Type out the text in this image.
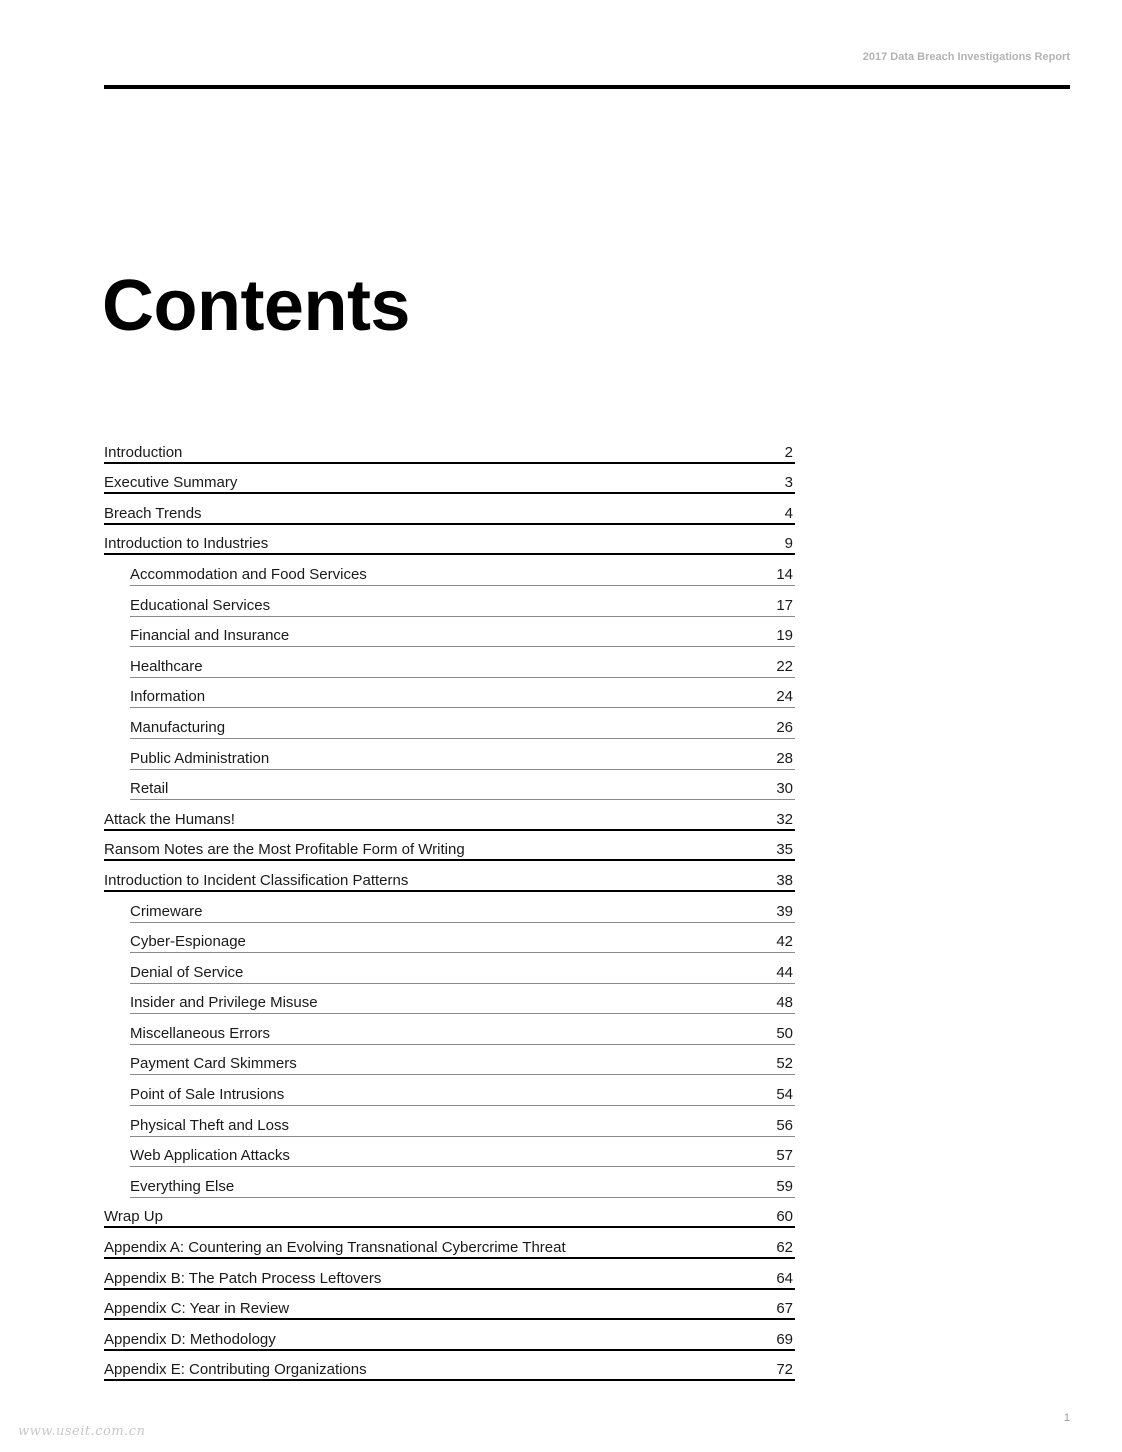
2017 Data Breach Investigations Report
Contents
Introduction	2
Executive Summary	3
Breach Trends	4
Introduction to Industries	9
Accommodation and Food Services	14
Educational Services	17
Financial and Insurance	19
Healthcare	22
Information	24
Manufacturing	26
Public Administration	28
Retail	30
Attack the Humans!	32
Ransom Notes are the Most Profitable Form of Writing	35
Introduction to Incident Classification Patterns	38
Crimeware	39
Cyber-Espionage	42
Denial of Service	44
Insider and Privilege Misuse	48
Miscellaneous Errors	50
Payment Card Skimmers	52
Point of Sale Intrusions	54
Physical Theft and Loss	56
Web Application Attacks	57
Everything Else	59
Wrap Up	60
Appendix A: Countering an Evolving Transnational Cybercrime Threat	62
Appendix B: The Patch Process Leftovers	64
Appendix C: Year in Review	67
Appendix D: Methodology	69
Appendix E: Contributing Organizations	72
1
www.useit.com.cn
